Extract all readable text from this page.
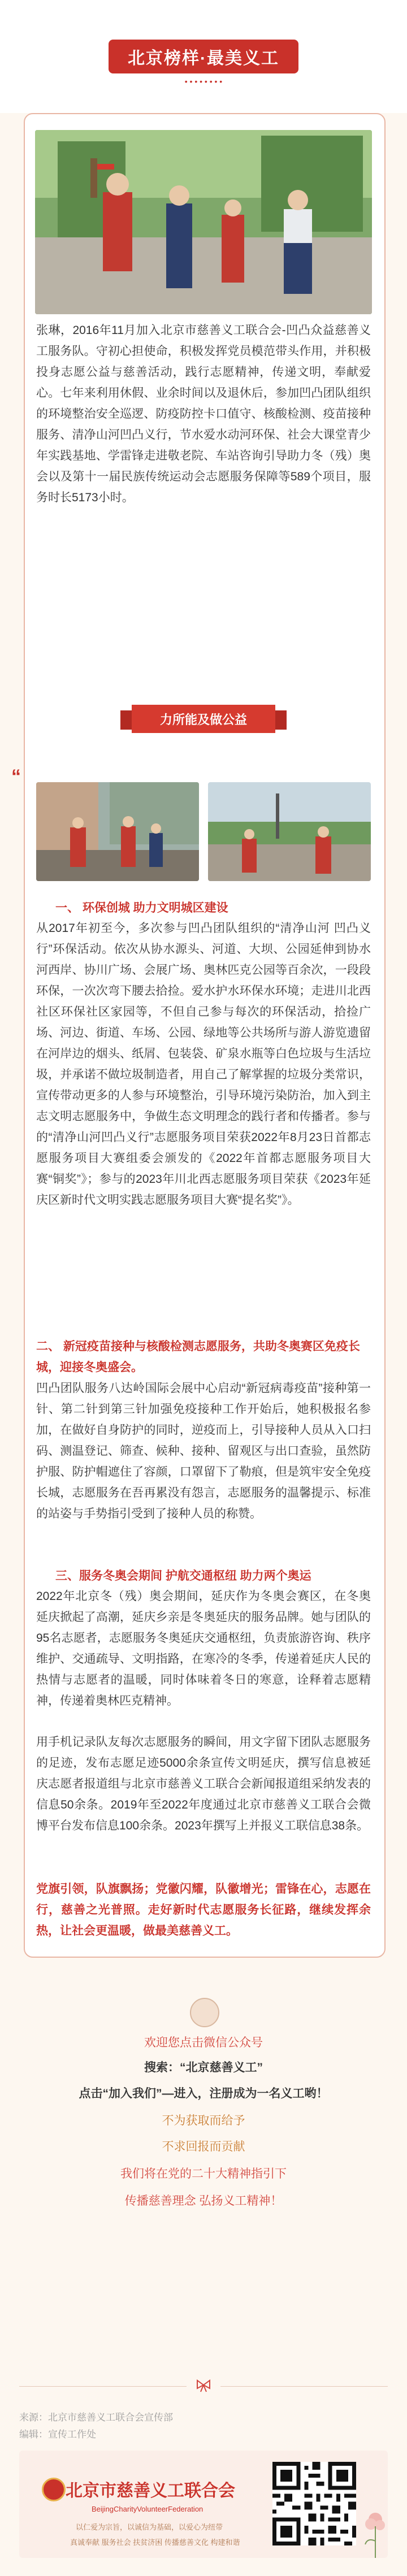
北京榜样·最美义工
• • • • • • • •
张琳，2016年11月加入北京市慈善义工联合会-凹凸众益慈善义工服务队。守初心担使命，积极发挥党员模范带头作用，并积极投身志愿公益与慈善活动，践行志愿精神，传递文明，奉献爱心。七年来利用休假、业余时间以及退休后，参加凹凸团队组织的环境整治安全巡逻、防疫防控卡口值守、核酸检测、疫苗接种服务、清净山河凹凸义行，节水爱水动河环保、社会大课堂青少年实践基地、学雷锋走进敬老院、车站咨询引导助力冬（残）奥会以及第十一届民族传统运动会志愿服务保障等589个项目，服务时长5173小时。
力所能及做公益
“
一、 环保创城 助力文明城区建设
从2017年初至今，多次参与凹凸团队组织的“清净山河 凹凸义行”环保活动。依次从协水源头、河道、大坝、公园延伸到协水河西岸、协川广场、会展广场、奥林匹克公园等百余次，一段段环保，一次次弯下腰去拾捡。爱水护水环保水环境；走进川北西社区环保社区家园等，不但自己参与每次的环保活动，拾捡广场、河边、街道、车场、公园、绿地等公共场所与游人游览遗留在河岸边的烟头、纸屑、包装袋、矿泉水瓶等白色垃圾与生活垃圾，并承诺不做垃圾制造者，用自己了解掌握的垃圾分类常识，宣传带动更多的人参与环境整治，引导环境污染防治，加入到主志文明志愿服务中，争做生态文明理念的践行者和传播者。参与的“清净山河凹凸义行”志愿服务项目荣获2022年8月23日首都志愿服务项目大赛组委会颁发的《2022年首都志愿服务项目大赛“铜奖”》；参与的2023年川北西志愿服务项目荣获《2023年延庆区新时代文明实践志愿服务项目大赛“提名奖”》。
二、 新冠疫苗接种与核酸检测志愿服务，共助冬奥赛区免疫长城，迎接冬奥盛会。
凹凸团队服务八达岭国际会展中心启动“新冠病毒疫苗”接种第一针、第二针到第三针加强免疫接种工作开始后，她积极报名参加，在做好自身防护的同时，逆疫而上，引导接种人员从入口扫码、测温登记、筛查、候种、接种、留观区与出口查验，虽然防护服、防护帽遮住了容颜，口罩留下了勒痕，但是筑牢安全免疫长城，志愿服务在吾再累没有怨言，志愿服务的温馨提示、标准的站姿与手势指引受到了接种人员的称赞。
三、服务冬奥会期间 护航交通枢纽 助力两个奥运
2022年北京冬（残）奥会期间，延庆作为冬奥会赛区，在冬奥延庆掀起了高潮，延庆乡亲是冬奥延庆的服务品牌。她与团队的95名志愿者，志愿服务冬奥延庆交通枢纽，负责旅游咨询、秩序维护、交通疏导、文明指路，在寒冷的冬季，传递着延庆人民的热情与志愿者的温暖，同时体味着冬日的寒意，诠释着志愿精神，传递着奥林匹克精神。
用手机记录队友每次志愿服务的瞬间，用文字留下团队志愿服务的足迹，发布志愿足迹5000余条宣传文明延庆，撰写信息被延庆志愿者报道组与北京市慈善义工联合会新闻报道组采纳发表的信息50余条。2019年至2022年度通过北京市慈善义工联合会微博平台发布信息100余条。2023年撰写上并报义工联信息38条。
党旗引领，队旗飘扬；党徽闪耀，队徽增光；雷锋在心，志愿在行，慈善之光普照。走好新时代志愿服务长征路，继续发挥余热，让社会更温暖，做最美慈善义工。
欢迎您点击微信公众号
搜索：“北京慈善义工”
点击“加入我们”—进入，注册成为一名义工哟！
不为获取而给予
不求回报而贡献
我们将在党的二十大精神指引下
传播慈善理念 弘扬义工精神！
来源：北京市慈善义工联合会宣传部
编辑：宣传工作处
北京市慈善义工联合会
BeijingCharityVolunteerFederation
以仁爱为宗旨，以诚信为基础，以爱心为纽带
真诚奉献 服务社会 扶贫济困 传播慈善文化 构建和谐
